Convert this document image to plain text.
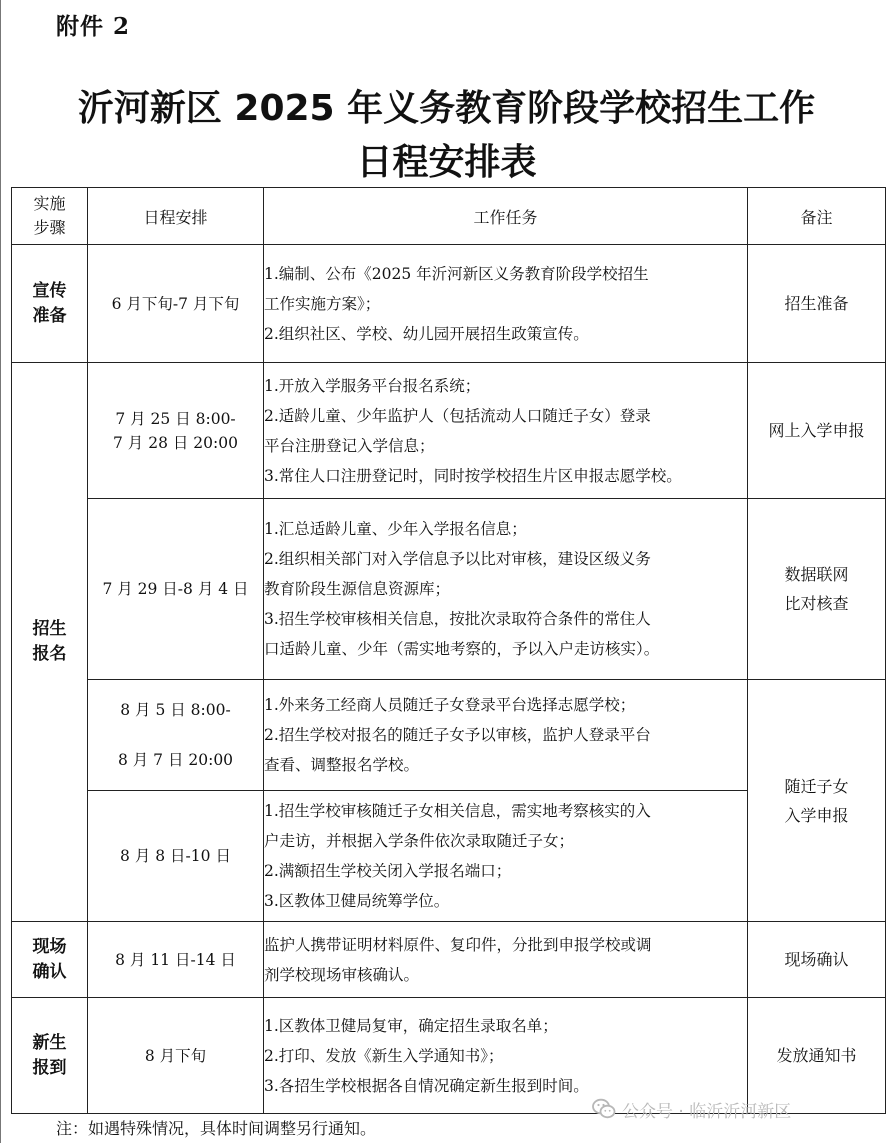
附件 2
沂河新区 2025 年义务教育阶段学校招生工作
日程安排表
实施
步骤	日程安排	工作任务	备注

宣传
准备	6 月下旬-7 月下旬	1.编制、公布《2025 年沂河新区义务教育阶段学校招生
工作实施方案》；
2.组织社区、学校、幼儿园开展招生政策宣传。	招生准备

招生
报名	7 月 25 日 8:00-
7 月 28 日 20:00	1.开放入学服务平台报名系统；
2.适龄儿童、少年监护人（包括流动人口随迁子女）登录
平台注册登记入学信息；
3.常住人口注册登记时，同时按学校招生片区申报志愿学校。	网上入学申报

	7 月 29 日-8 月 4 日	1.汇总适龄儿童、少年入学报名信息；
2.组织相关部门对入学信息予以比对审核，建设区级义务
教育阶段生源信息资源库；
3.招生学校审核相关信息，按批次录取符合条件的常住人
口适龄儿童、少年（需实地考察的，予以入户走访核实）。	数据联网
比对核查

	8 月 5 日 8:00-
8 月 7 日 20:00	1.外来务工经商人员随迁子女登录平台选择志愿学校；
2.招生学校对报名的随迁子女予以审核，监护人登录平台
查看、调整报名学校。	随迁子女
入学申报

	8 月 8 日-10 日	1.招生学校审核随迁子女相关信息，需实地考察核实的入
户走访，并根据入学条件依次录取随迁子女；
2.满额招生学校关闭入学报名端口；
3.区教体卫健局统筹学位。	

现场
确认	8 月 11 日-14 日	监护人携带证明材料原件、复印件，分批到申报学校或调
剂学校现场审核确认。	现场确认

新生
报到	8 月下旬	1.区教体卫健局复审，确定招生录取名单；
2.打印、发放《新生入学通知书》；
3.各招生学校根据各自情况确定新生报到时间。	发放通知书
注：如遇特殊情况，具体时间调整另行通知。
公众号 · 临沂沂河新区
